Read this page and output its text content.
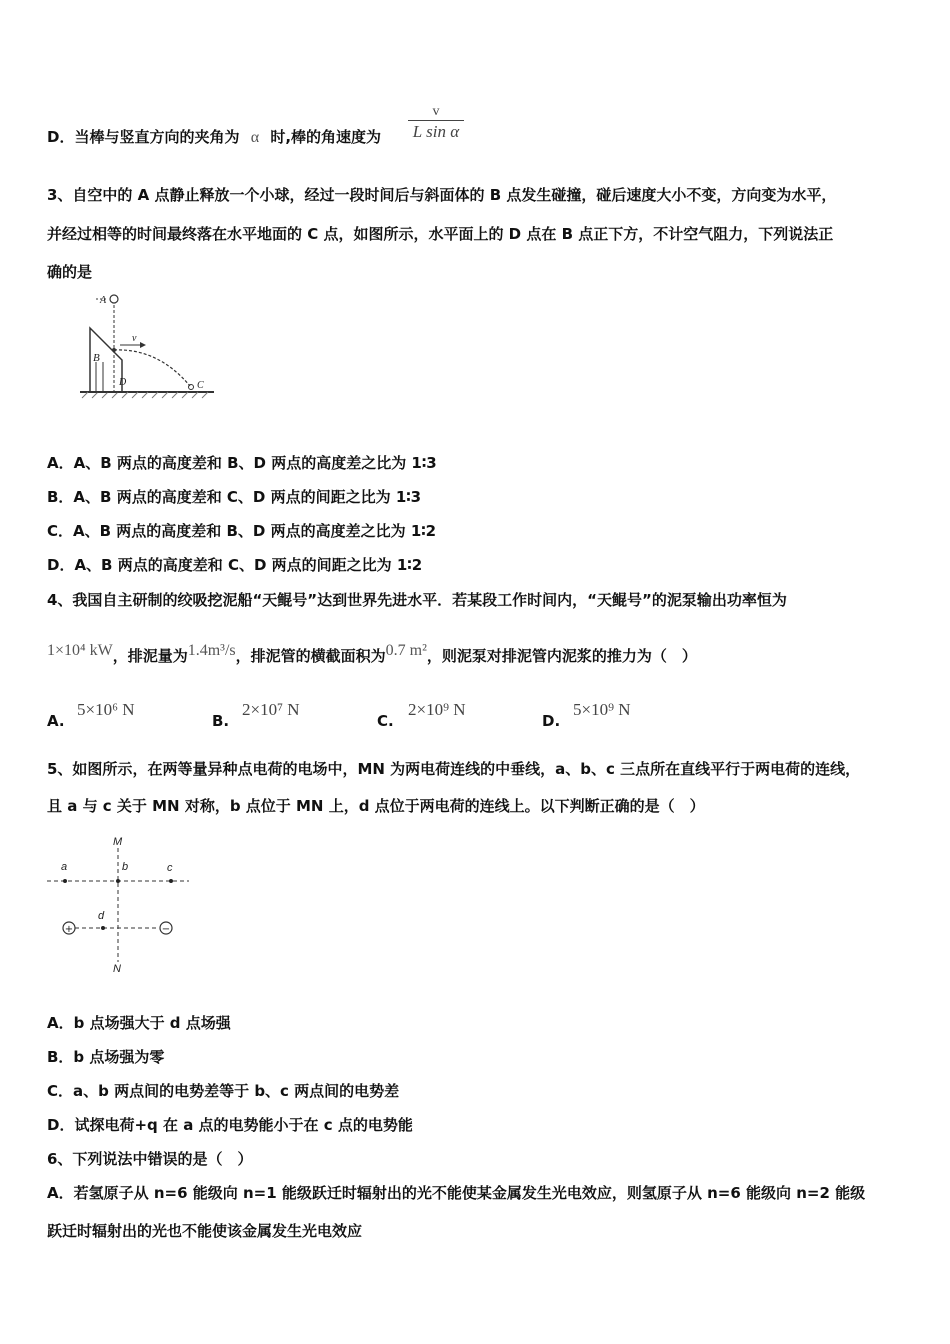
D．当棒与竖直方向的夹角为 α 时,棒的角速度为
v
L sin α
3、自空中的 A 点静止释放一个小球，经过一段时间后与斜面体的 B 点发生碰撞，碰后速度大小不变，方向变为水平，
并经过相等的时间最终落在水平地面的 C 点，如图所示，水平面上的 D 点在 B 点正下方，不计空气阻力，下列说法正
确的是
A
B
D	C
v
A．A、B 两点的高度差和 B、D 两点的高度差之比为 1∶3
B．A、B 两点的高度差和 C、D 两点的间距之比为 1∶3
C．A、B 两点的高度差和 B、D 两点的高度差之比为 1∶2
D．A、B 两点的高度差和 C、D 两点的间距之比为 1∶2
4、我国自主研制的绞吸挖泥船“天鲲号”达到世界先进水平．若某段工作时间内，“天鲲号”的泥泵输出功率恒为
1×10⁴ kW，排泥量为1.4m³/s，排泥管的横截面积为0.7 m²，则泥泵对排泥管内泥浆的推力为（　）
A.
5×10⁶ N
B.
2×10⁷ N
C.
2×10⁹ N
D.
5×10⁹ N
5、如图所示，在两等量异种点电荷的电场中，MN 为两电荷连线的中垂线，a、b、c 三点所在直线平行于两电荷的连线，
且 a 与 c 关于 MN 对称，b 点位于 MN 上，d 点位于两电荷的连线上。以下判断正确的是（　）
+	−
M
N
a	b	c
d
A．b 点场强大于 d 点场强
B．b 点场强为零
C．a、b 两点间的电势差等于 b、c 两点间的电势差
D．试探电荷+q 在 a 点的电势能小于在 c 点的电势能
6、下列说法中错误的是（　）
A．若氢原子从 n=6 能级向 n=1 能级跃迁时辐射出的光不能使某金属发生光电效应，则氢原子从 n=6 能级向 n=2 能级
跃迁时辐射出的光也不能使该金属发生光电效应
